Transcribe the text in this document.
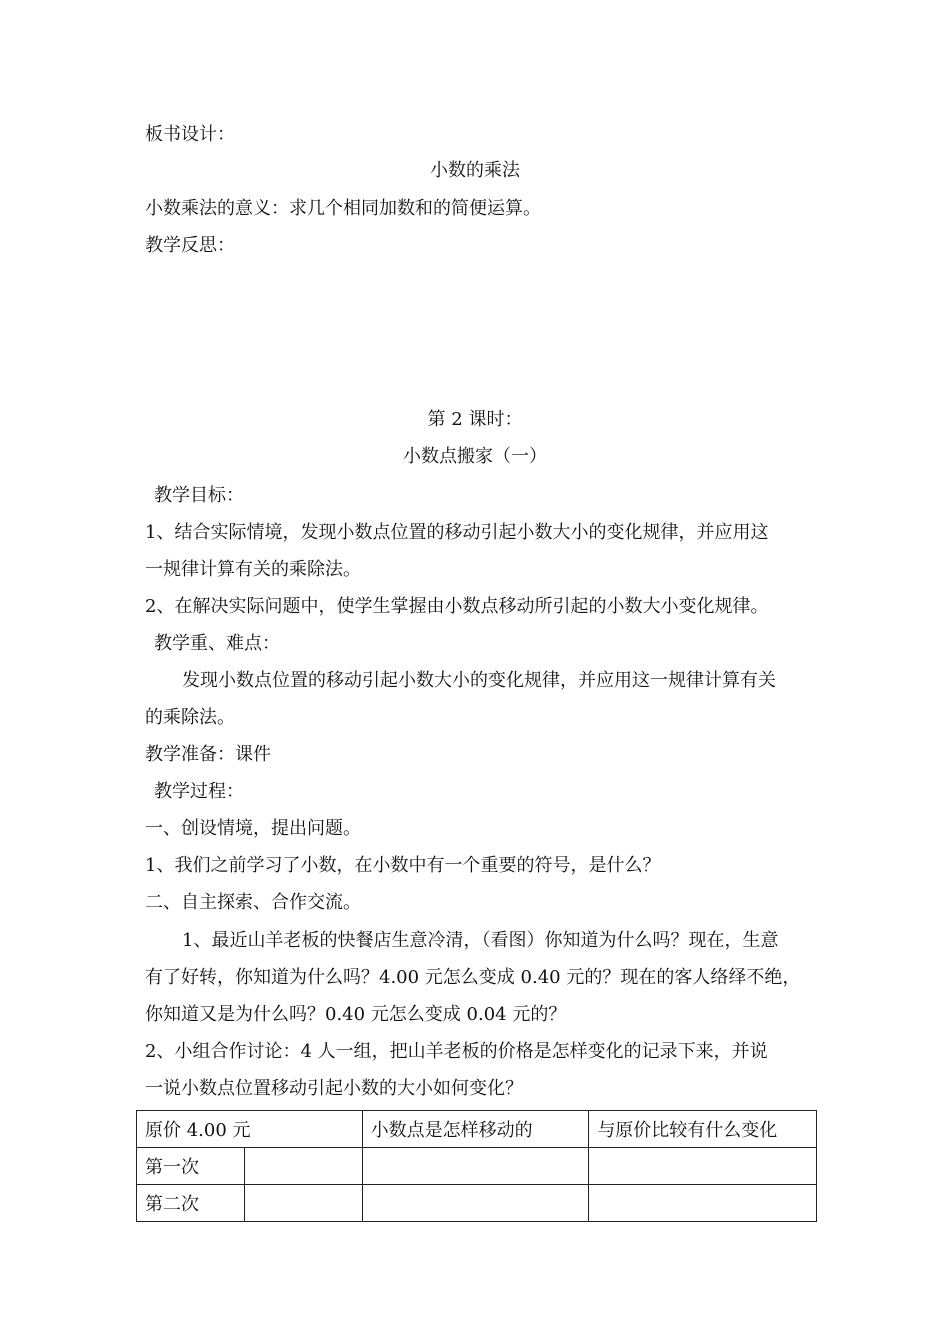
板书设计：
小数的乘法
小数乘法的意义：求几个相同加数和的简便运算。
教学反思：
第 2 课时：
小数点搬家（一）
教学目标：
1、结合实际情境，发现小数点位置的移动引起小数大小的变化规律，并应用这
一规律计算有关的乘除法。
2、在解决实际问题中，使学生掌握由小数点移动所引起的小数大小变化规律。
教学重、难点：
发现小数点位置的移动引起小数大小的变化规律，并应用这一规律计算有关
的乘除法。
教学准备：课件
教学过程：
一、创设情境，提出问题。
1、我们之前学习了小数，在小数中有一个重要的符号，是什么？
二、自主探索、合作交流。
1、最近山羊老板的快餐店生意冷清，（看图）你知道为什么吗？现在，生意
有了好转，你知道为什么吗？4.00 元怎么变成 0.40 元的？现在的客人络绎不绝，
你知道又是为什么吗？0.40 元怎么变成 0.04 元的？
2、小组合作讨论：4 人一组，把山羊老板的价格是怎样变化的记录下来，并说
一说小数点位置移动引起小数的大小如何变化？
原价 4.00 元		小数点是怎样移动的	与原价比较有什么变化
第一次			
第二次			
